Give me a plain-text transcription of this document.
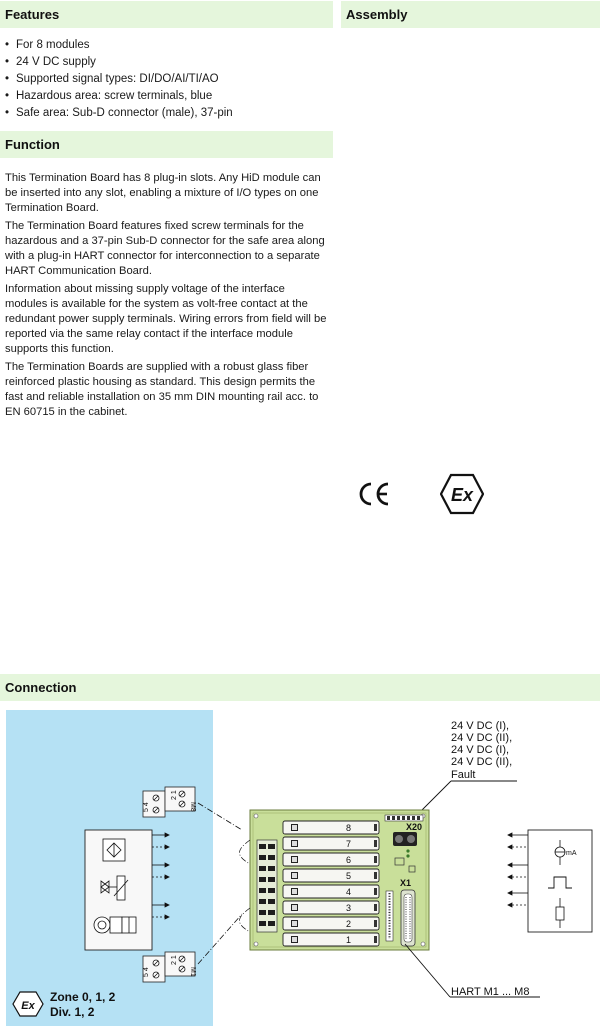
Features	Assembly
Function
Connection
• For 8 modules
• 24 V DC supply
• Supported signal types: DI/DO/AI/TI/AO
• Hazardous area: screw terminals, blue
• Safe area: Sub-D connector (male), 37-pin

This Termination Board has 8 plug-in slots. Any HiD module can be inserted into any slot, enabling a mixture of I/O types on one Termination Board.

The Termination Board features fixed screw terminals for the hazardous and a 37-pin Sub-D connector for the safe area along with a plug-in HART connector for interconnection to a separate HART Communication Board.

Information about missing supply voltage of the interface modules is available for the system as volt-free contact at the redundant power supply terminals. Wiring errors from field will be reported via the same relay contact if the interface module supports this function.

The Termination Boards are supplied with a robust glass fiber reinforced plastic housing as standard. This design permits the fast and reliable installation on 35 mm DIN mounting rail acc. to EN 60715 in the cabinet.

Ex
24 V DC (I),
24 V DC (II),
24 V DC (I),
24 V DC (II),
Fault
X20
X1
8
7
6
5
4
3
2
1
HART M1 ... M8
5 4
2 1
M8
5 4
2 1
M1
mA
Ex
Zone 0, 1, 2
Div. 1, 2
